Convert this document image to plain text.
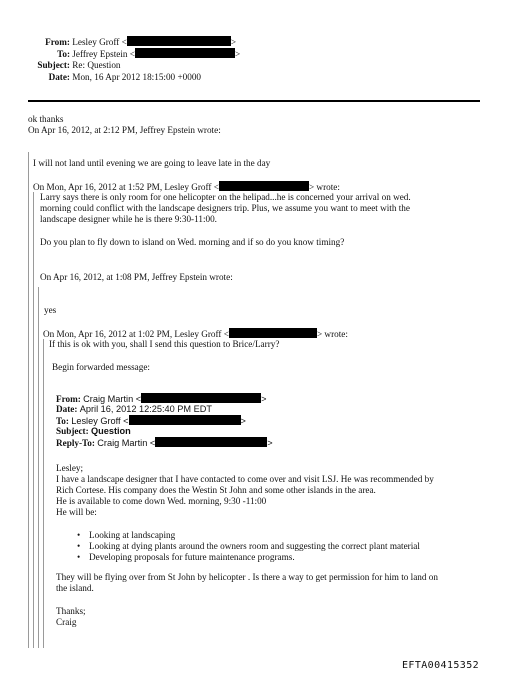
From: Lesley Groff <	>
To: Jeffrey Epstein <	>
Subject: Re: Question
Date: Mon, 16 Apr 2012 18:15:00 +0000
ok thanks
On Apr 16, 2012, at 2:12 PM, Jeffrey Epstein wrote:
I will not land until evening we are going to leave late in the day
On Mon, Apr 16, 2012 at 1:52 PM, Lesley Groff <	> wrote:
Larry says there is only room for one helicopter on the helipad...he is concerned your arrival on wed.
morning could conflict with the landscape designers trip. Plus, we assume you want to meet with the
landscape designer while he is there 9:30-11:00.
Do you plan to fly down to island on Wed. morning and if so do you know timing?
On Apr 16, 2012, at 1:08 PM, Jeffrey Epstein wrote:
yes
On Mon, Apr 16, 2012 at 1:02 PM, Lesley Groff <	> wrote:
If this is ok with you, shall I send this question to Brice/Larry?
Begin forwarded message:
From: Craig Martin <	>
Date: April 16, 2012 12:25:40 PM EDT
To: Lesley Groff <	>
Subject: Question
Reply-To: Craig Martin <	>
Lesley;
I have a landscape designer that I have contacted to come over and visit LSJ. He was recommended by
Rich Cortese. His company does the Westin St John and some other islands in the area.
He is available to come down Wed. morning, 9:30 -11:00
He will be:
• Looking at landscaping
• Looking at dying plants around the owners room and suggesting the correct plant material
• Developing proposals for future maintenance programs.
They will be flying over from St John by helicopter . Is there a way to get permission for him to land on
the island.
Thanks;
Craig
EFTA00415352
